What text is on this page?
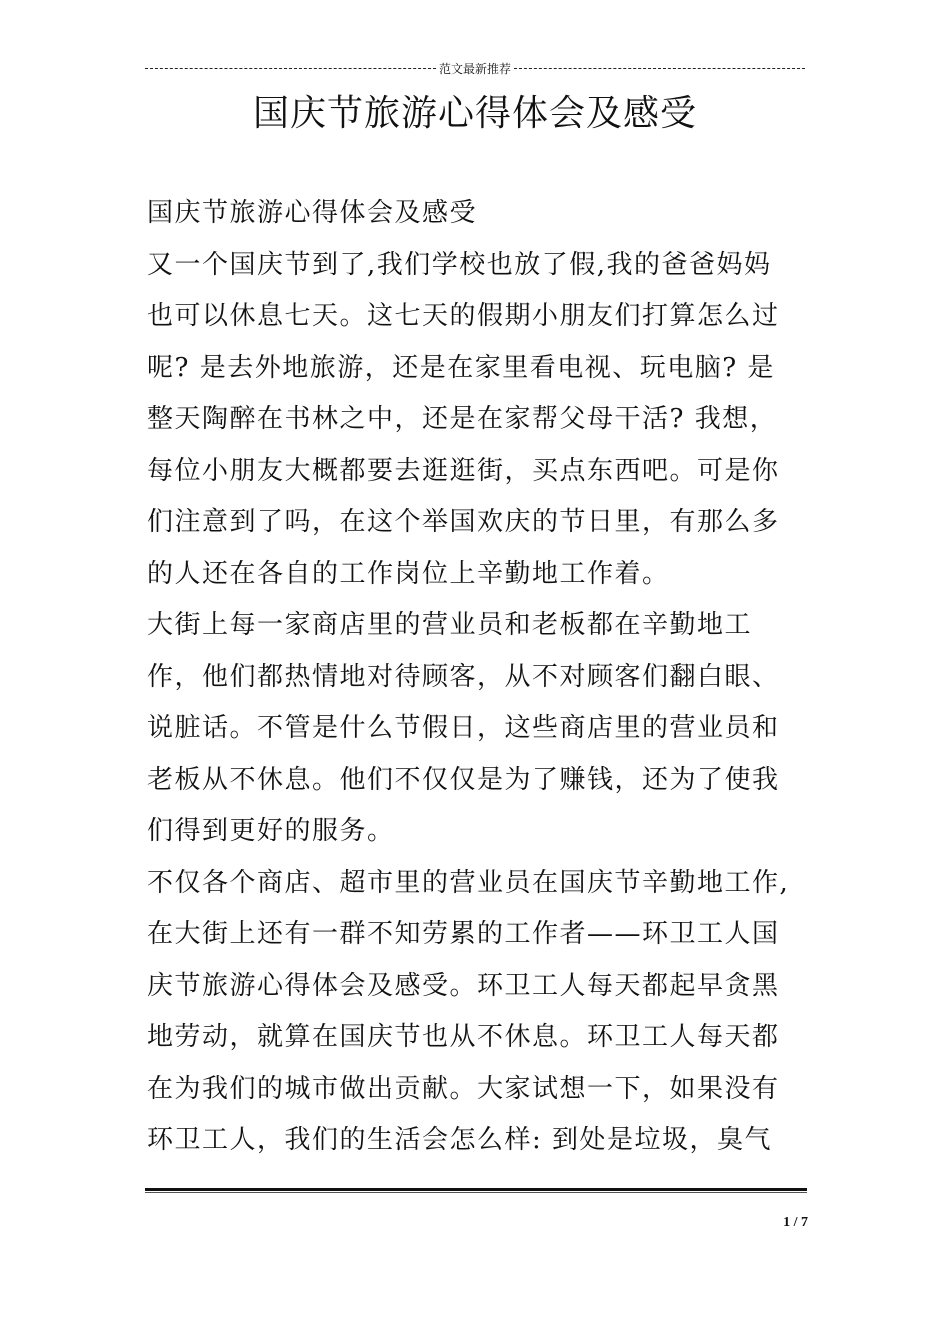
范文最新推荐
国庆节旅游心得体会及感受
国庆节旅游心得体会及感受
又一个国庆节到了,我们学校也放了假,我的爸爸妈妈
也可以休息七天。这七天的假期小朋友们打算怎么过
呢? 是去外地旅游，还是在家里看电视、玩电脑? 是
整天陶醉在书林之中，还是在家帮父母干活? 我想，
每位小朋友大概都要去逛逛街，买点东西吧。可是你
们注意到了吗，在这个举国欢庆的节日里，有那么多
的人还在各自的工作岗位上辛勤地工作着。
大街上每一家商店里的营业员和老板都在辛勤地工
作，他们都热情地对待顾客，从不对顾客们翻白眼、
说脏话。不管是什么节假日，这些商店里的营业员和
老板从不休息。他们不仅仅是为了赚钱，还为了使我
们得到更好的服务。
不仅各个商店、超市里的营业员在国庆节辛勤地工作,
在大街上还有一群不知劳累的工作者——环卫工人国
庆节旅游心得体会及感受。环卫工人每天都起早贪黑
地劳动，就算在国庆节也从不休息。环卫工人每天都
在为我们的城市做出贡献。大家试想一下，如果没有
环卫工人，我们的生活会怎么样: 到处是垃圾，臭气
1 / 7
